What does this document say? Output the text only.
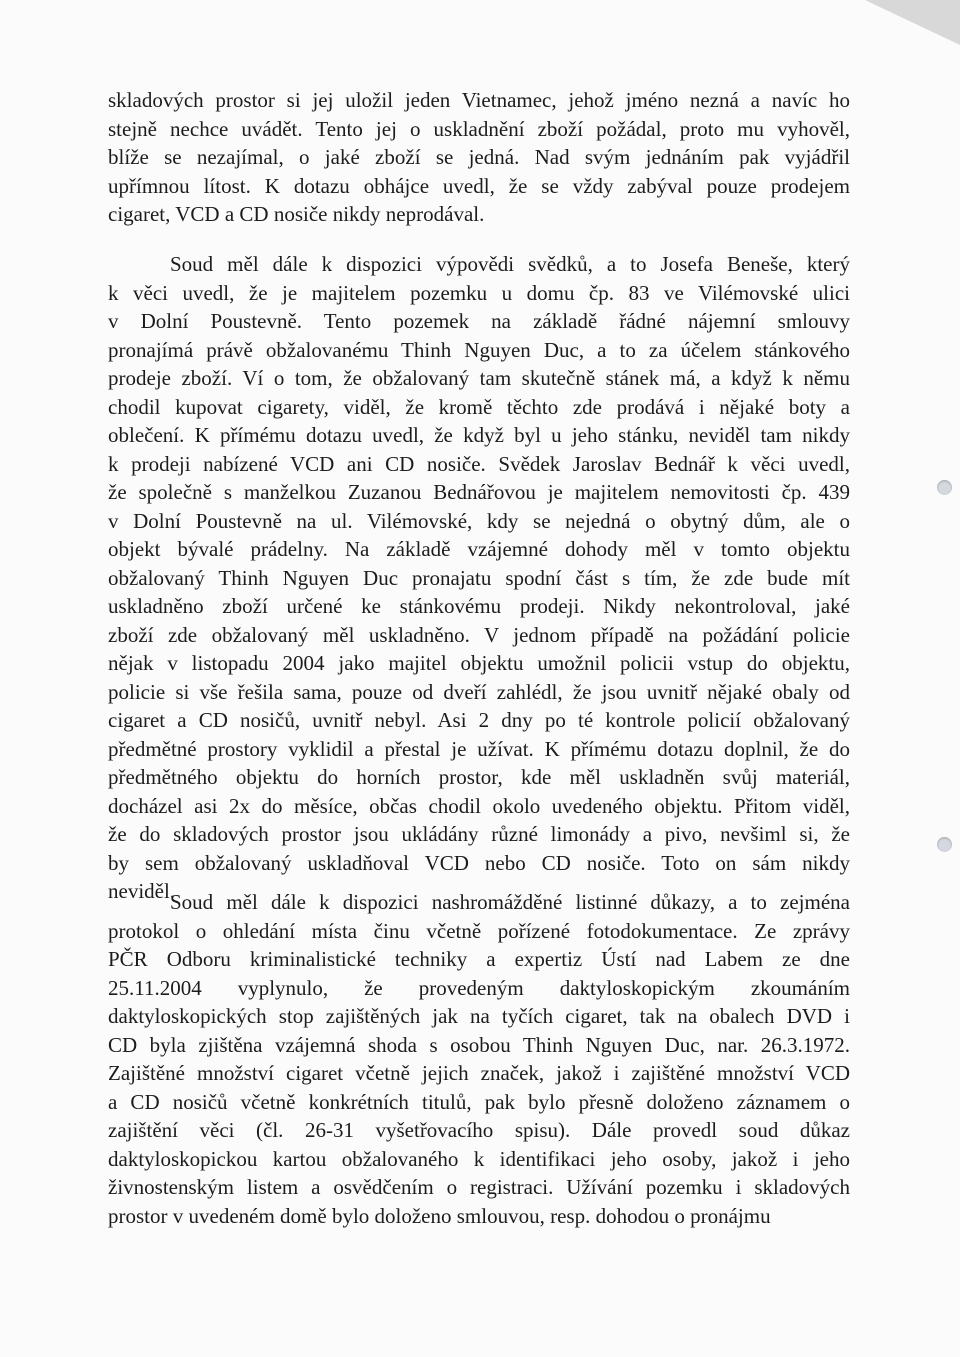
skladových prostor si jej uložil jeden Vietnamec, jehož jméno nezná a navíc ho
stejně nechce uvádět. Tento jej o uskladnění zboží požádal, proto mu vyhověl,
blíže se nezajímal, o jaké zboží se jedná. Nad svým jednáním pak vyjádřil
upřímnou lítost. K dotazu obhájce uvedl, že se vždy zabýval pouze prodejem
cigaret, VCD a CD nosiče nikdy neprodával.
Soud měl dále k dispozici výpovědi svědků, a to Josefa Beneše, který
k věci uvedl, že je majitelem pozemku u domu čp. 83 ve Vilémovské ulici
v Dolní Poustevně. Tento pozemek na základě řádné nájemní smlouvy
pronajímá právě obžalovanému Thinh Nguyen Duc, a to za účelem stánkového
prodeje zboží. Ví o tom, že obžalovaný tam skutečně stánek má, a když k němu
chodil kupovat cigarety, viděl, že kromě těchto zde prodává i nějaké boty a
oblečení. K přímému dotazu uvedl, že když byl u jeho stánku, neviděl tam nikdy
k prodeji nabízené VCD ani CD nosiče. Svědek Jaroslav Bednář k věci uvedl,
že společně s manželkou Zuzanou Bednářovou je majitelem nemovitosti čp. 439
v Dolní Poustevně na ul. Vilémovské, kdy se nejedná o obytný dům, ale o
objekt bývalé prádelny. Na základě vzájemné dohody měl v tomto objektu
obžalovaný Thinh Nguyen Duc pronajatu spodní část s tím, že zde bude mít
uskladněno zboží určené ke stánkovému prodeji. Nikdy nekontroloval, jaké
zboží zde obžalovaný měl uskladněno. V jednom případě na požádání policie
nějak v listopadu 2004 jako majitel objektu umožnil policii vstup do objektu,
policie si vše řešila sama, pouze od dveří zahlédl, že jsou uvnitř nějaké obaly od
cigaret a CD nosičů, uvnitř nebyl. Asi 2 dny po té kontrole policií obžalovaný
předmětné prostory vyklidil a přestal je užívat. K přímému dotazu doplnil, že do
předmětného objektu do horních prostor, kde měl uskladněn svůj materiál,
docházel asi 2x do měsíce, občas chodil okolo uvedeného objektu. Přitom viděl,
že do skladových prostor jsou ukládány různé limonády a pivo, nevšiml si, že
by sem obžalovaný uskladňoval VCD nebo CD nosiče. Toto on sám nikdy
neviděl.
Soud měl dále k dispozici nashromážděné listinné důkazy, a to zejména
protokol o ohledání místa činu včetně pořízené fotodokumentace. Ze zprávy
PČR Odboru kriminalistické techniky a expertiz Ústí nad Labem ze dne
25.11.2004 vyplynulo, že provedeným daktyloskopickým zkoumáním
daktyloskopických stop zajištěných jak na tyčích cigaret, tak na obalech DVD i
CD byla zjištěna vzájemná shoda s osobou Thinh Nguyen Duc, nar. 26.3.1972.
Zajištěné množství cigaret včetně jejich značek, jakož i zajištěné množství VCD
a CD nosičů včetně konkrétních titulů, pak bylo přesně doloženo záznamem o
zajištění věci (čl. 26-31 vyšetřovacího spisu). Dále provedl soud důkaz
daktyloskopickou kartou obžalovaného k identifikaci jeho osoby, jakož i jeho
živnostenským listem a osvědčením o registraci. Užívání pozemku i skladových
prostor v uvedeném domě bylo doloženo smlouvou, resp. dohodou o pronájmu
